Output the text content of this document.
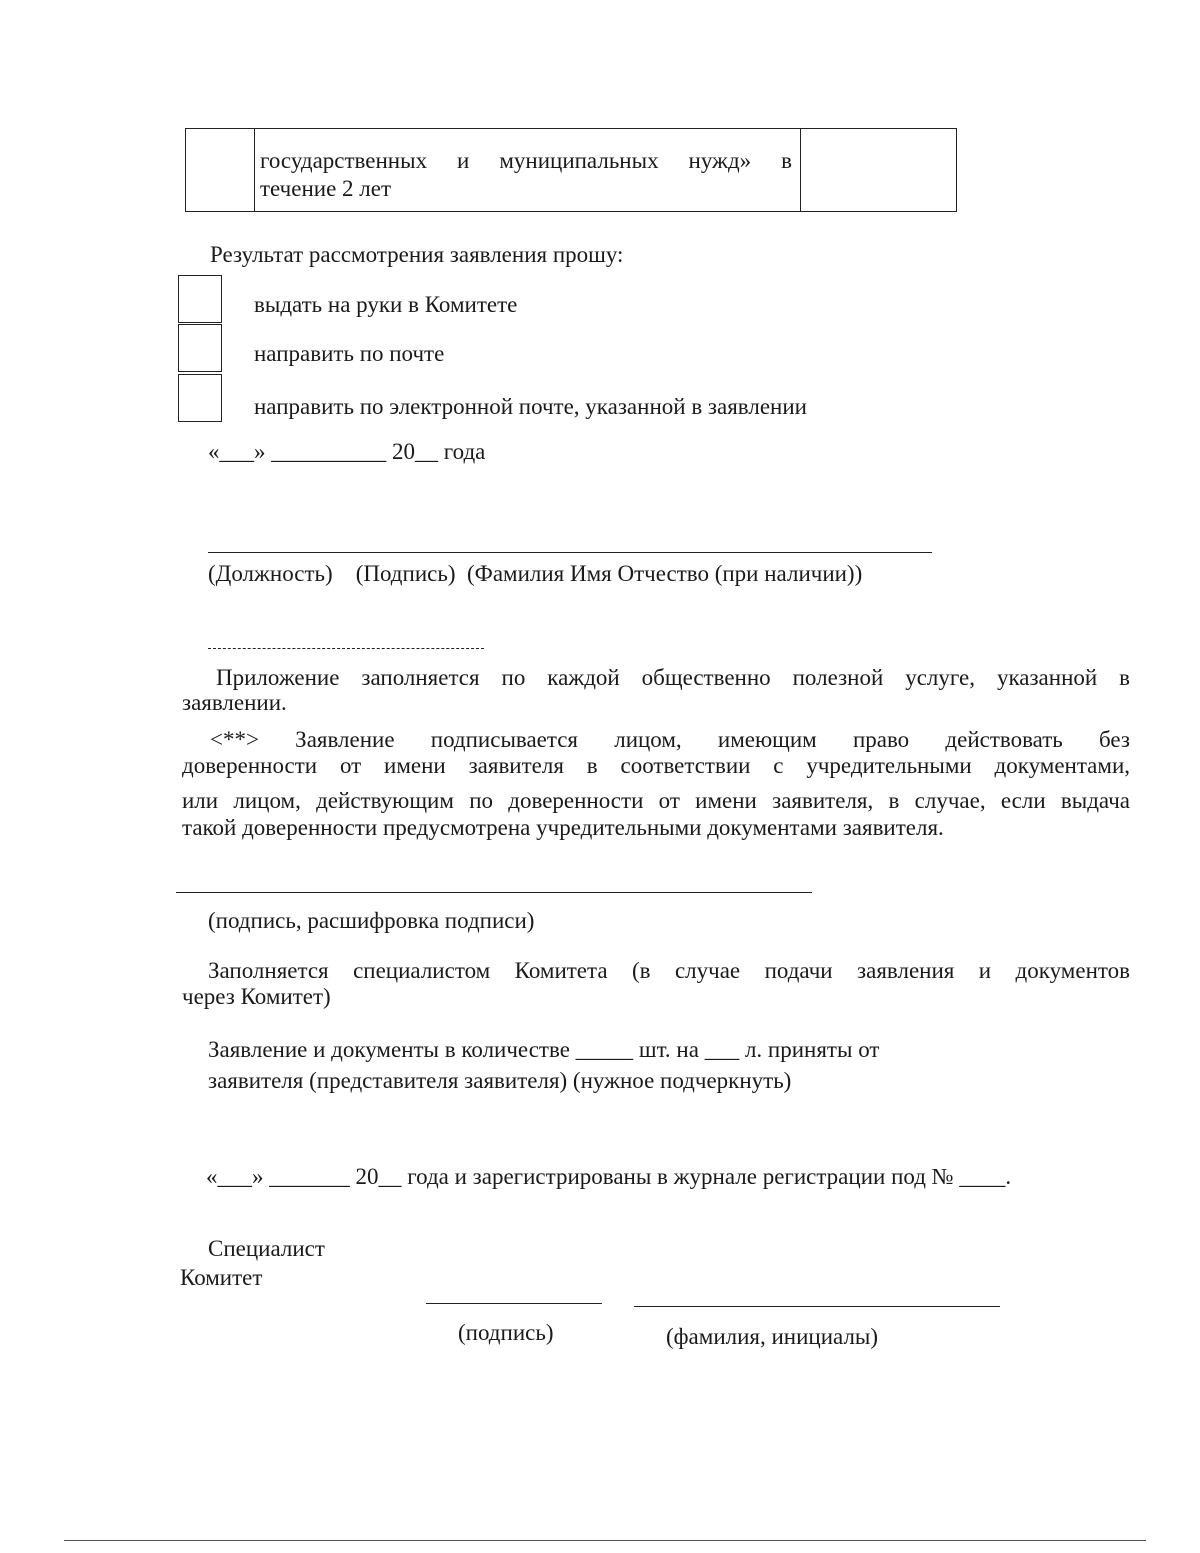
государственных и муниципальных нужд» в
течение 2 лет
Результат рассмотрения заявления прошу:
выдать на руки в Комитете
направить по почте
направить по электронной почте, указанной в заявлении
«___» __________ 20__ года
(Должность)    (Подпись)  (Фамилия Имя Отчество (при наличии))
Приложение заполняется по каждой общественно полезной услуге, указанной в
заявлении.
<**> Заявление подписывается лицом, имеющим право действовать без
доверенности от имени заявителя в соответствии с учредительными документами,
или лицом, действующим по доверенности от имени заявителя, в случае, если выдача
такой доверенности предусмотрена учредительными документами заявителя.
(подпись, расшифровка подписи)
Заполняется специалистом Комитета (в случае подачи заявления и документов
через Комитет)
Заявление и документы в количестве _____ шт. на ___ л. приняты от
заявителя (представителя заявителя) (нужное подчеркнуть)
«___» _______ 20__ года и зарегистрированы в журнале регистрации под № ____.
Специалист
Комитет
(подпись)	(фамилия, инициалы)
